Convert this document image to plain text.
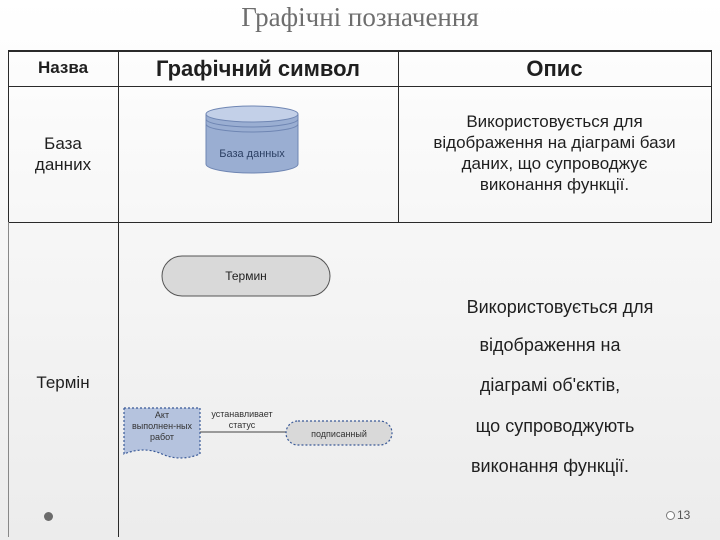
Графічні позначення
Назва	Графічний символ	Опис
База
данних
База данных
Використовується для
відображення на діаграмі бази
даних, що супроводжує
виконання функції.
Термін
Термин
Акт
выполнен-ных
работ
устанавливает
статус
подписанный
Використовується для
відображення на
діаграмі об'єктів,
що супроводжують
виконання функції.
13
